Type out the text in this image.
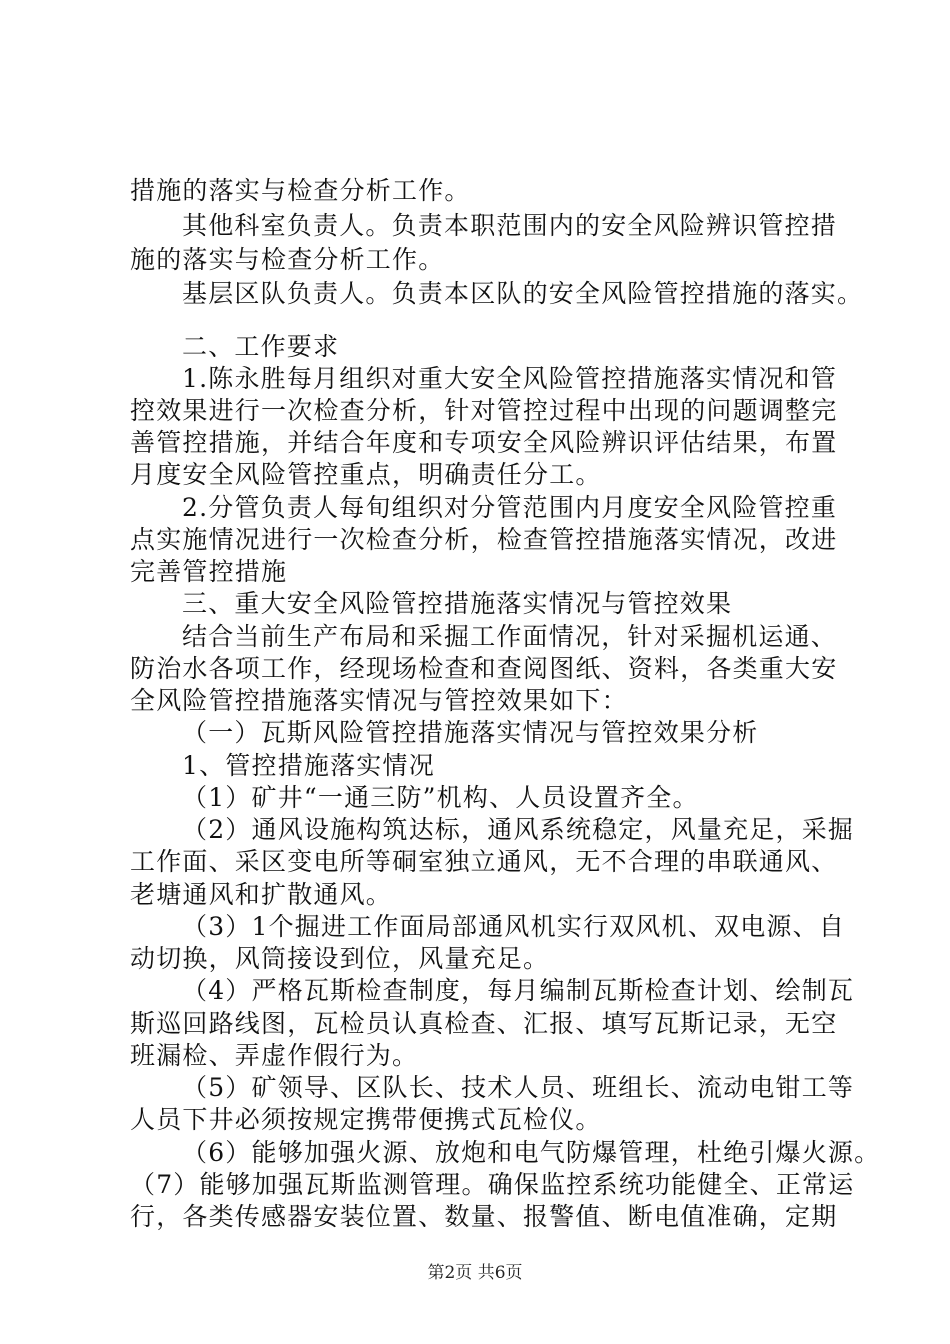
措施的落实与检查分析工作。
其他科室负责人。负责本职范围内的安全风险辨识管控措
施的落实与检查分析工作。
基层区队负责人。负责本区队的安全风险管控措施的落实。
二、工作要求
1.陈永胜每月组织对重大安全风险管控措施落实情况和管
控效果进行一次检查分析，针对管控过程中出现的问题调整完
善管控措施，并结合年度和专项安全风险辨识评估结果，布置
月度安全风险管控重点，明确责任分工。
2.分管负责人每旬组织对分管范围内月度安全风险管控重
点实施情况进行一次检查分析，检查管控措施落实情况，改进
完善管控措施
三、重大安全风险管控措施落实情况与管控效果
结合当前生产布局和采掘工作面情况，针对采掘机运通、
防治水各项工作，经现场检查和查阅图纸、资料，各类重大安
全风险管控措施落实情况与管控效果如下：
（一）瓦斯风险管控措施落实情况与管控效果分析
1、管控措施落实情况
（1）矿井“一通三防”机构、人员设置齐全。
（2）通风设施构筑达标，通风系统稳定，风量充足，采掘
工作面、采区变电所等硐室独立通风，无不合理的串联通风、
老塘通风和扩散通风。
（3）1个掘进工作面局部通风机实行双风机、双电源、自
动切换，风筒接设到位，风量充足。
（4）严格瓦斯检查制度，每月编制瓦斯检查计划、绘制瓦
斯巡回路线图，瓦检员认真检查、汇报、填写瓦斯记录，无空
班漏检、弄虚作假行为。
（5）矿领导、区队长、技术人员、班组长、流动电钳工等
人员下井必须按规定携带便携式瓦检仪。
（6）能够加强火源、放炮和电气防爆管理，杜绝引爆火源。
（7）能够加强瓦斯监测管理。确保监控系统功能健全、正常运
行，各类传感器安装位置、数量、报警值、断电值准确，定期
第2页 共6页
